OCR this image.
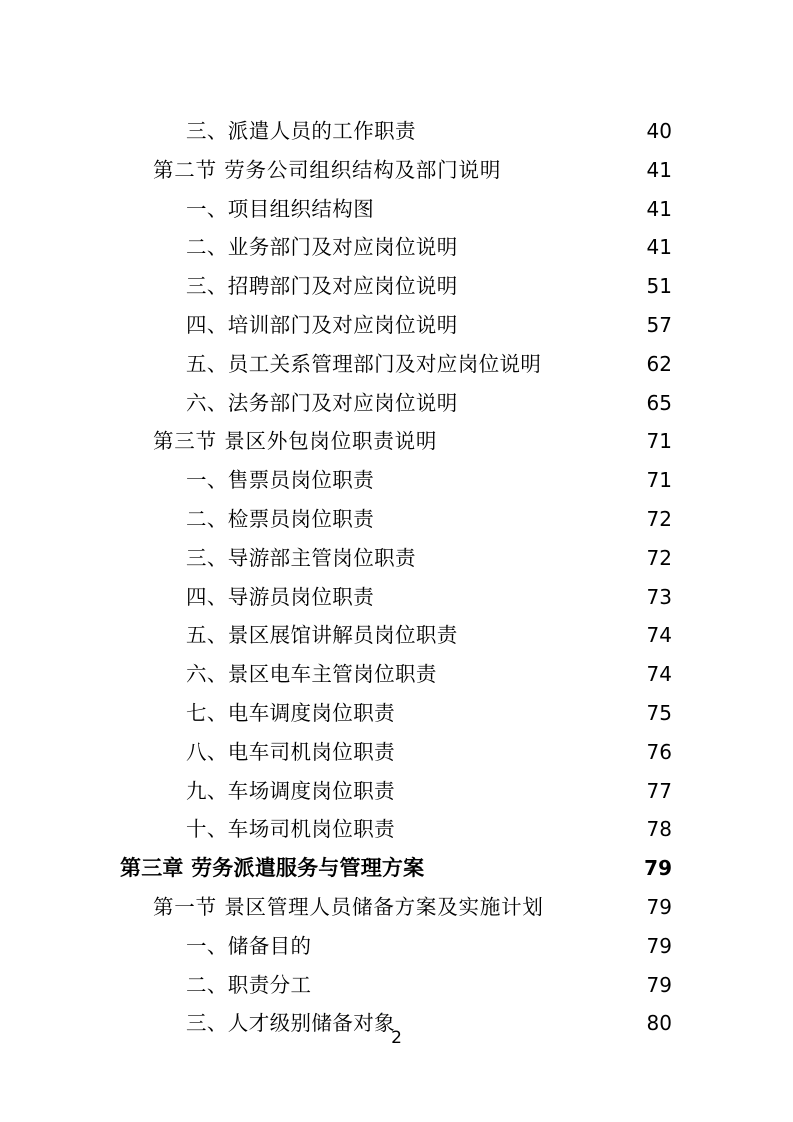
三、派遣人员的工作职责 ·····	40
第二节 劳务公司组织结构及部门说明 ·····	41
一、项目组织结构图 ·····	41
二、业务部门及对应岗位说明 ·····	41
三、招聘部门及对应岗位说明 ·····	51
四、培训部门及对应岗位说明 ·····	57
五、员工关系管理部门及对应岗位说明 ·····	62
六、法务部门及对应岗位说明 ·····	65
第三节 景区外包岗位职责说明 ·····	71
一、售票员岗位职责 ·····	71
二、检票员岗位职责 ·····	72
三、导游部主管岗位职责 ·····	72
四、导游员岗位职责 ·····	73
五、景区展馆讲解员岗位职责 ·····	74
六、景区电车主管岗位职责 ·····	74
七、电车调度岗位职责 ·····	75
八、电车司机岗位职责 ·····	76
九、车场调度岗位职责 ·····	77
十、车场司机岗位职责 ·····	78
第三章 劳务派遣服务与管理方案 ·····	79
第一节 景区管理人员储备方案及实施计划 ·····	79
一、储备目的 ·····	79
二、职责分工 ·····	79
三、人才级别储备对象 ·····	80
2
